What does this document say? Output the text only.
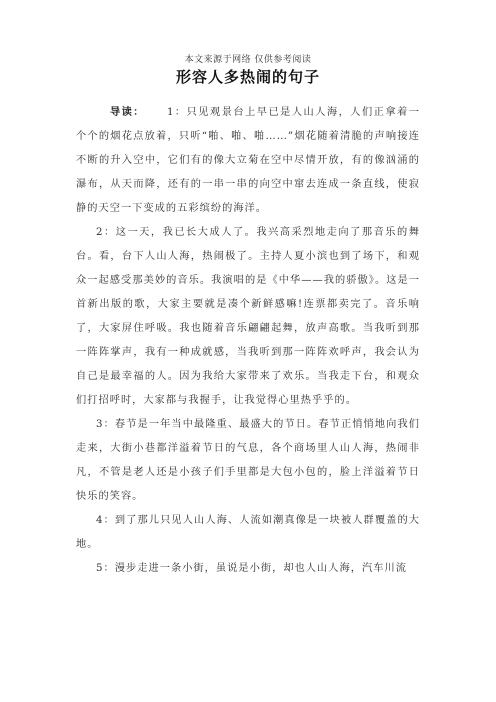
本文来源于网络 仅供参考阅读
形容人多热闹的句子

导读： 1：只见观景台上早已是人山人海，人们正拿着一个个的烟花点放着，只听“啪、啪、啪……”烟花随着清脆的声响接连不断的升入空中，它们有的像大立菊在空中尽情开放，有的像汹涌的瀑布，从天而降，还有的一串一串的向空中窜去连成一条直线，使寂静的天空一下变成的五彩缤纷的海洋。

2：这一天，我已长大成人了。我兴高采烈地走向了那音乐的舞台。看，台下人山人海，热闹极了。主持人夏小滨也到了场下，和观众一起感受那美妙的音乐。我演唱的是《中华——我的骄傲》。这是一首新出版的歌，大家主要就是凑个新鲜感嘛!连票都卖完了。音乐响了，大家屏住呼吸。我也随着音乐翩翩起舞，放声高歌。当我听到那一阵阵掌声，我有一种成就感，当我听到那一阵阵欢呼声，我会认为自己是最幸福的人。因为我给大家带来了欢乐。当我走下台，和观众们打招呼时，大家都与我握手，让我觉得心里热乎乎的。

3：春节是一年当中最隆重、最盛大的节日。春节正悄悄地向我们走来，大街小巷都洋溢着节日的气息，各个商场里人山人海，热闹非凡，不管是老人还是小孩子们手里都是大包小包的，脸上洋溢着节日快乐的笑容。

4：到了那儿只见人山人海、人流如潮真像是一块被人群覆盖的大地。

5：漫步走进一条小街，虽说是小街，却也人山人海，汽车川流
